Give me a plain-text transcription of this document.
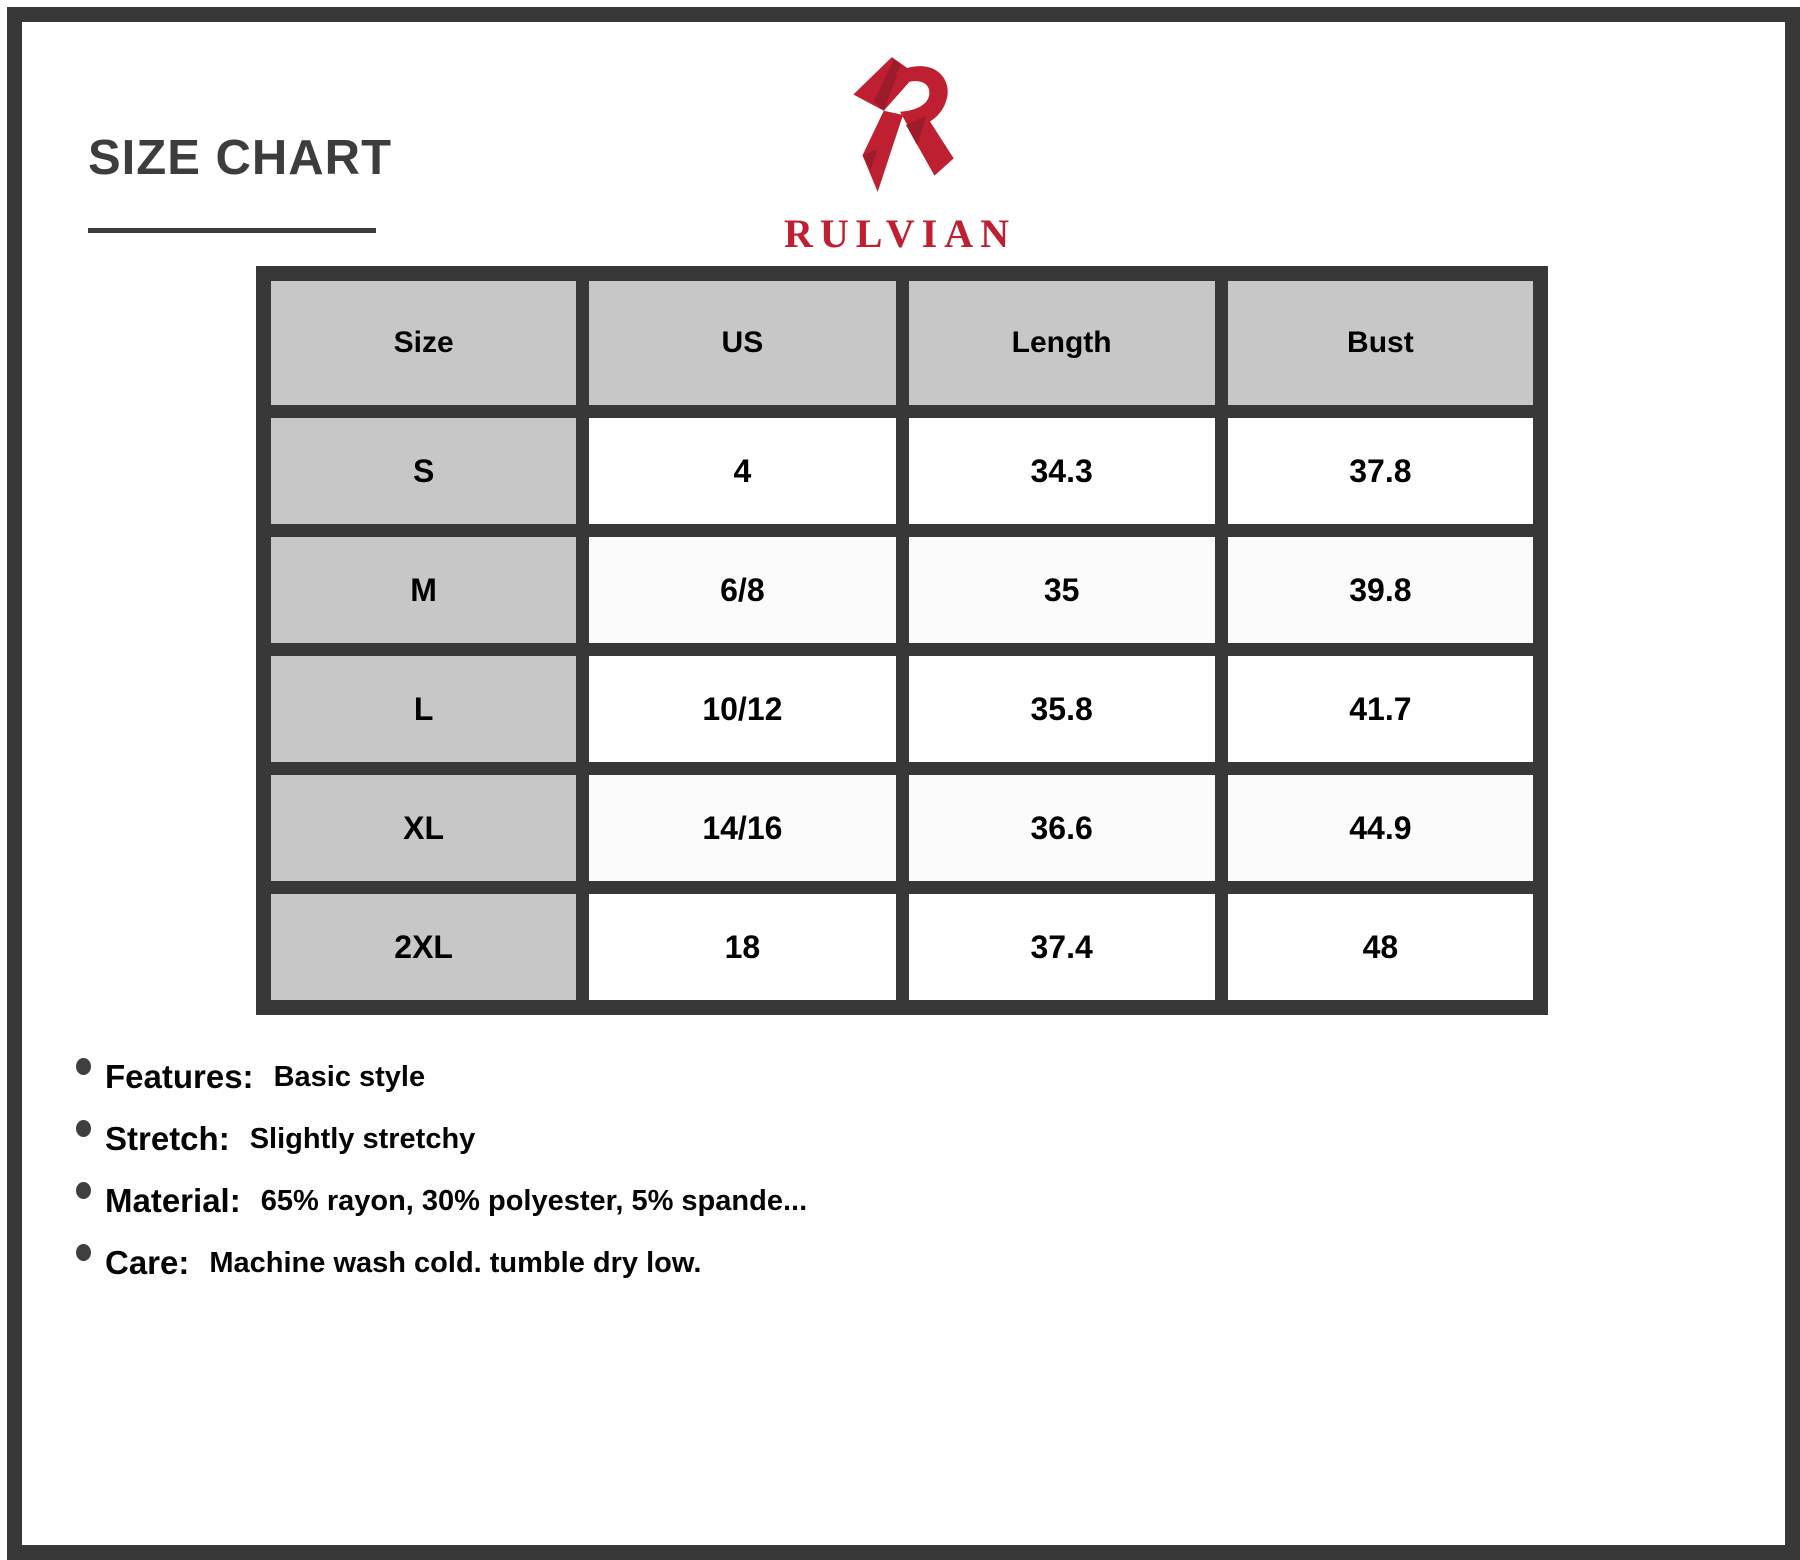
SIZE CHART
RULVIAN
Size	US	Length	Bust
S	4	34.3	37.8
M	6/8	35	39.8
L	10/12	35.8	41.7
XL	14/16	36.6	44.9
2XL	18	37.4	48
Features: Basic style
Stretch: Slightly stretchy
Material: 65% rayon, 30% polyester, 5% spande...
Care: Machine wash cold. tumble dry low.
